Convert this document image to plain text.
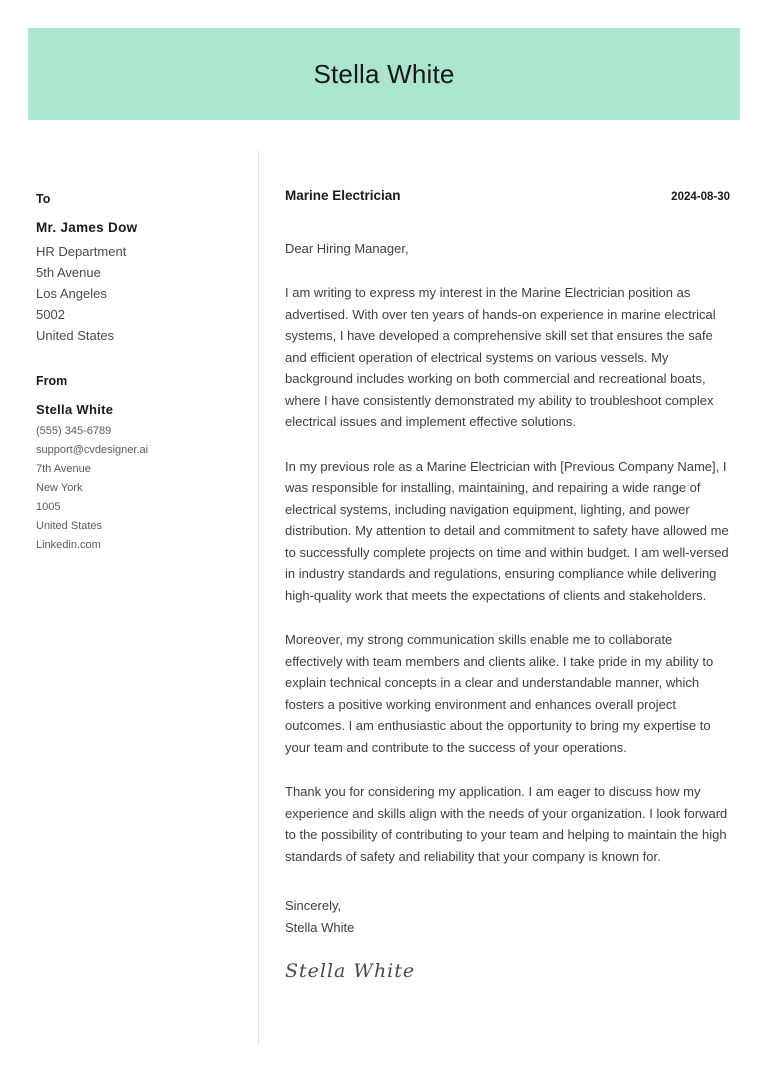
Stella White
To
Mr. James Dow
HR Department
5th Avenue
Los Angeles
5002
United States
From
Stella White
(555) 345-6789
support@cvdesigner.ai
7th Avenue
New York
1005
United States
Linkedin.com
Marine Electrician	2024-08-30
Dear Hiring Manager,

I am writing to express my interest in the Marine Electrician position as advertised. With over ten years of hands-on experience in marine electrical systems, I have developed a comprehensive skill set that ensures the safe and efficient operation of electrical systems on various vessels. My background includes working on both commercial and recreational boats, where I have consistently demonstrated my ability to troubleshoot complex electrical issues and implement effective solutions.

In my previous role as a Marine Electrician with [Previous Company Name], I was responsible for installing, maintaining, and repairing a wide range of electrical systems, including navigation equipment, lighting, and power distribution. My attention to detail and commitment to safety have allowed me to successfully complete projects on time and within budget. I am well-versed in industry standards and regulations, ensuring compliance while delivering high-quality work that meets the expectations of clients and stakeholders.

Moreover, my strong communication skills enable me to collaborate effectively with team members and clients alike. I take pride in my ability to explain technical concepts in a clear and understandable manner, which fosters a positive working environment and enhances overall project outcomes. I am enthusiastic about the opportunity to bring my expertise to your team and contribute to the success of your operations.

Thank you for considering my application. I am eager to discuss how my experience and skills align with the needs of your organization. I look forward to the possibility of contributing to your team and helping to maintain the high standards of safety and reliability that your company is known for.

Sincerely,
Stella White
Stella White
